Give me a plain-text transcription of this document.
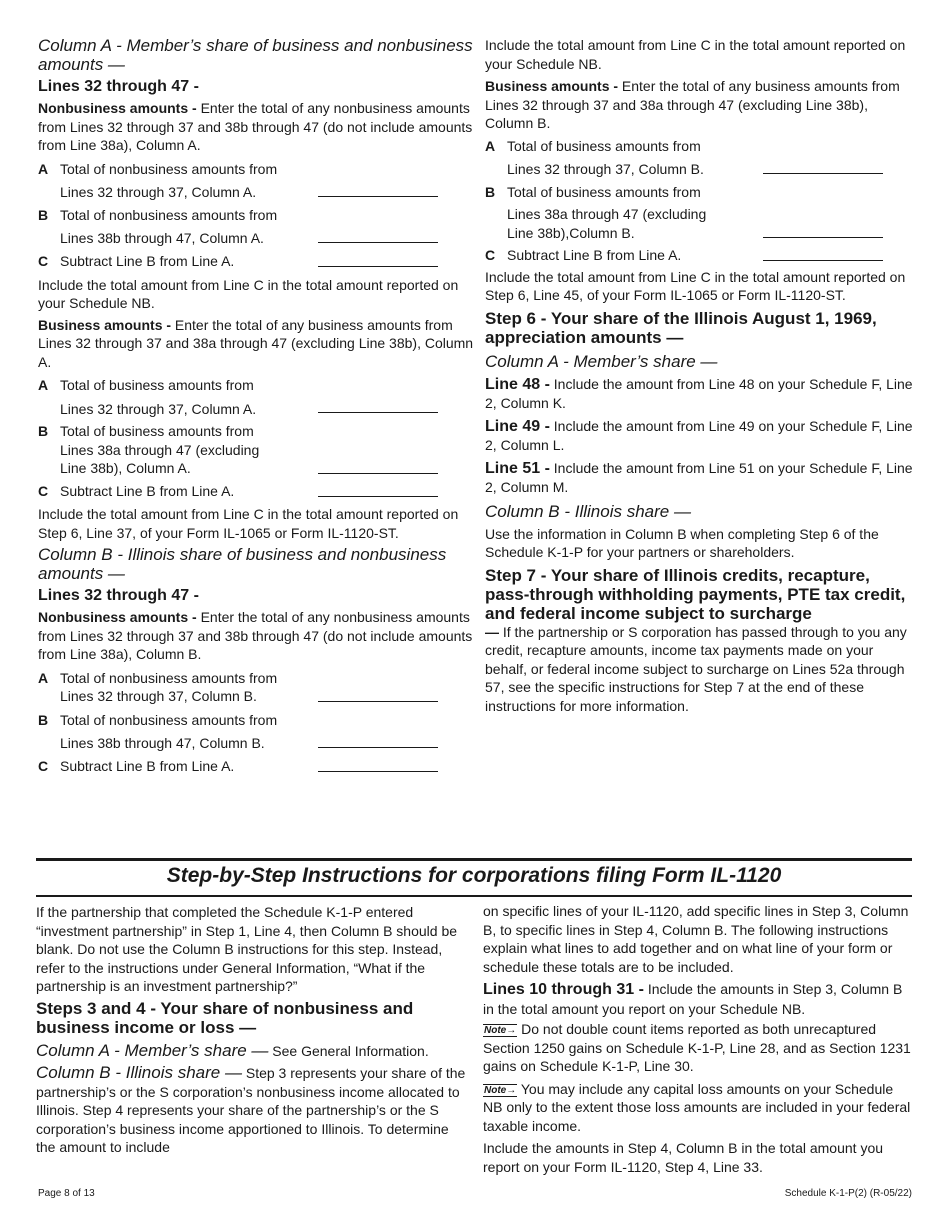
Column A - Member’s share of business and nonbusiness amounts —

Lines 32 through 47 -

Nonbusiness amounts - Enter the total of any nonbusiness amounts from Lines 32 through 37 and 38b through 47 (do not include amounts from Line 38a), Column A.

A Total of nonbusiness amounts from
Lines 32 through 37, Column A.
B Total of nonbusiness amounts from
Lines 38b through 47, Column A.
C Subtract Line B from Line A.

Include the total amount from Line C in the total amount reported on your Schedule NB.

Business amounts - Enter the total of any business amounts from Lines 32 through 37 and 38a through 47 (excluding Line 38b), Column A.

A Total of business amounts from
Lines 32 through 37, Column A.
B Total of business amounts from
Lines 38a through 47 (excluding
Line 38b), Column A.
C Subtract Line B from Line A.

Include the total amount from Line C in the total amount reported on Step 6, Line 37, of your Form IL-1065 or Form IL-1120-ST.

Column B - Illinois share of business and nonbusiness amounts —

Lines 32 through 47 -

Nonbusiness amounts - Enter the total of any nonbusiness amounts from Lines 32 through 37 and 38b through 47 (do not include amounts from Line 38a), Column B.

A Total of nonbusiness amounts from
Lines 32 through 37, Column B.
B Total of nonbusiness amounts from
Lines 38b through 47, Column B.
C Subtract Line B from Line A.

Include the total amount from Line C in the total amount reported on your Schedule NB.

Business amounts - Enter the total of any business amounts from Lines 32 through 37 and 38a through 47 (excluding Line 38b), Column B.

A Total of business amounts from
Lines 32 through 37, Column B.
B Total of business amounts from
Lines 38a through 47 (excluding
Line 38b),Column B.
C Subtract Line B from Line A.

Include the total amount from Line C in the total amount reported on Step 6, Line 45, of your Form IL-1065 or Form IL-1120-ST.

Step 6 - Your share of the Illinois August 1, 1969, appreciation amounts —

Column A - Member’s share —

Line 48 - Include the amount from Line 48 on your Schedule F, Line 2, Column K.

Line 49 - Include the amount from Line 49 on your Schedule F, Line 2, Column L.

Line 51 - Include the amount from Line 51 on your Schedule F, Line 2, Column M.

Column B - Illinois share —

Use the information in Column B when completing Step 6 of the Schedule K-1-P for your partners or shareholders.

Step 7 - Your share of Illinois credits, recapture, pass-through withholding payments, PTE tax credit, and federal income subject to surcharge

— If the partnership or S corporation has passed through to you any credit, recapture amounts, income tax payments made on your behalf, or federal income subject to surcharge on Lines 52a through 57, see the specific instructions for Step 7 at the end of these instructions for more information.

Step-by-Step Instructions for corporations filing Form IL-1120

If the partnership that completed the Schedule K-1-P entered “investment partnership” in Step 1, Line 4, then Column B should be blank. Do not use the Column B instructions for this step. Instead, refer to the instructions under General Information, “What if the partnership is an investment partnership?”

Steps 3 and 4 - Your share of nonbusiness and business income or loss —

Column A - Member’s share — See General Information.

Column B - Illinois share — Step 3 represents your share of the partnership’s or the S corporation’s nonbusiness income allocated to Illinois. Step 4 represents your share of the partnership’s or the S corporation’s business income apportioned to Illinois. To determine the amount to include

on specific lines of your IL-1120, add specific lines in Step 3, Column B, to specific lines in Step 4, Column B. The following instructions explain what lines to add together and on what line of your form or schedule these totals are to be included.

Lines 10 through 31 - Include the amounts in Step 3, Column B in the total amount you report on your Schedule NB.

Note→ Do not double count items reported as both unrecaptured Section 1250 gains on Schedule K-1-P, Line 28, and as Section 1231 gains on Schedule K-1-P, Line 30.

Note→ You may include any capital loss amounts on your Schedule NB only to the extent those loss amounts are included in your federal taxable income.

Include the amounts in Step 4, Column B in the total amount you report on your Form IL-1120, Step 4, Line 33.

Page 8 of 13	Schedule K-1-P(2) (R-05/22)
